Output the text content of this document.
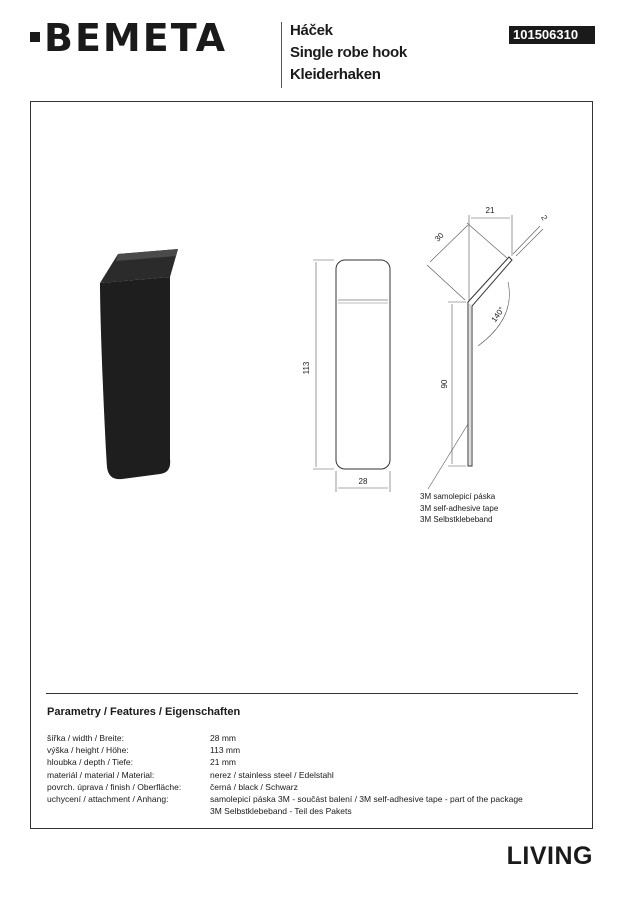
BEMETA	Háček
Single robe hook
Kleiderhaken
101506310
113
28
21
2
30
90
140°
3M samolepicí páska
3M self-adhesive tape
3M Selbstklebeband
Parametry / Features / Eigenschaften
šířka / width / Breite:	28 mm
výška / height / Höhe:	113 mm
hloubka / depth / Tiefe:	21 mm
materiál / material / Material:	nerez / stainless steel / Edelstahl
povrch. úprava / finish / Oberfläche:	černá / black / Schwarz
uchycení / attachment / Anhang:	samolepicí páska 3M - součást balení / 3M self-adhesive tape - part of the package
3M Selbstklebeband - Teil des Pakets
LIVING
